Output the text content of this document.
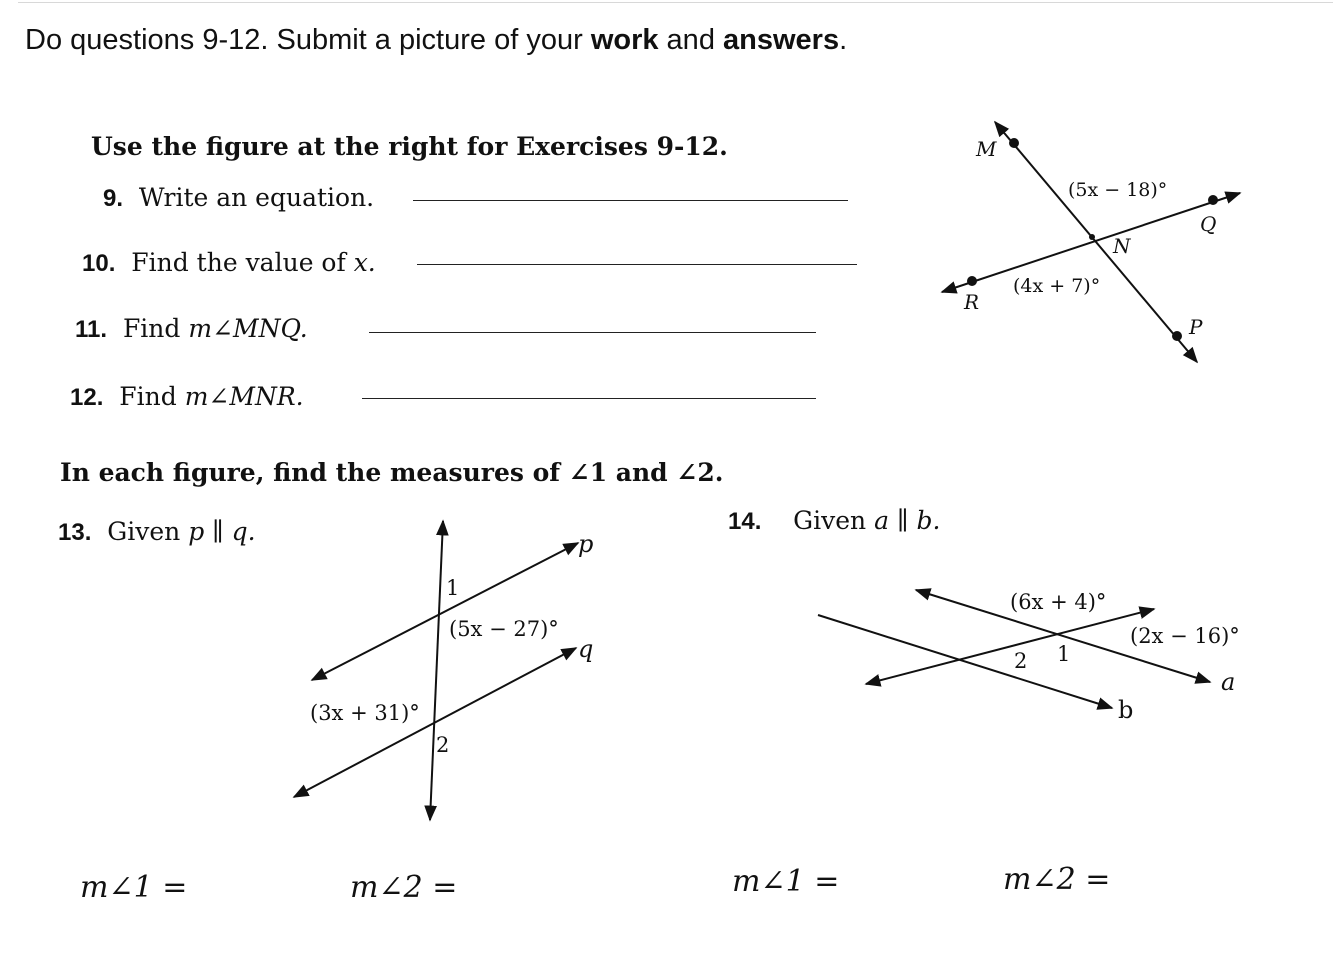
Do questions 9-12. Submit a picture of your work and answers.
Use the figure at the right for Exercises 9-12.
9. Write an equation.
10. Find the value of x.
11. Find m∠MNQ.
12. Find m∠MNR.
In each figure, find the measures of ∠1 and ∠2.
13. Given p ∥ q.	14. Given a ∥ b.
m∠1 =	m∠2 =	m∠1 =	m∠2 =
M
N
Q
R
P
(5x − 18)°
(4x + 7)°
p
q
1
2
(5x − 27)°
(3x + 31)°
(6x + 4)°
(2x − 16)°
2 1
a
b
